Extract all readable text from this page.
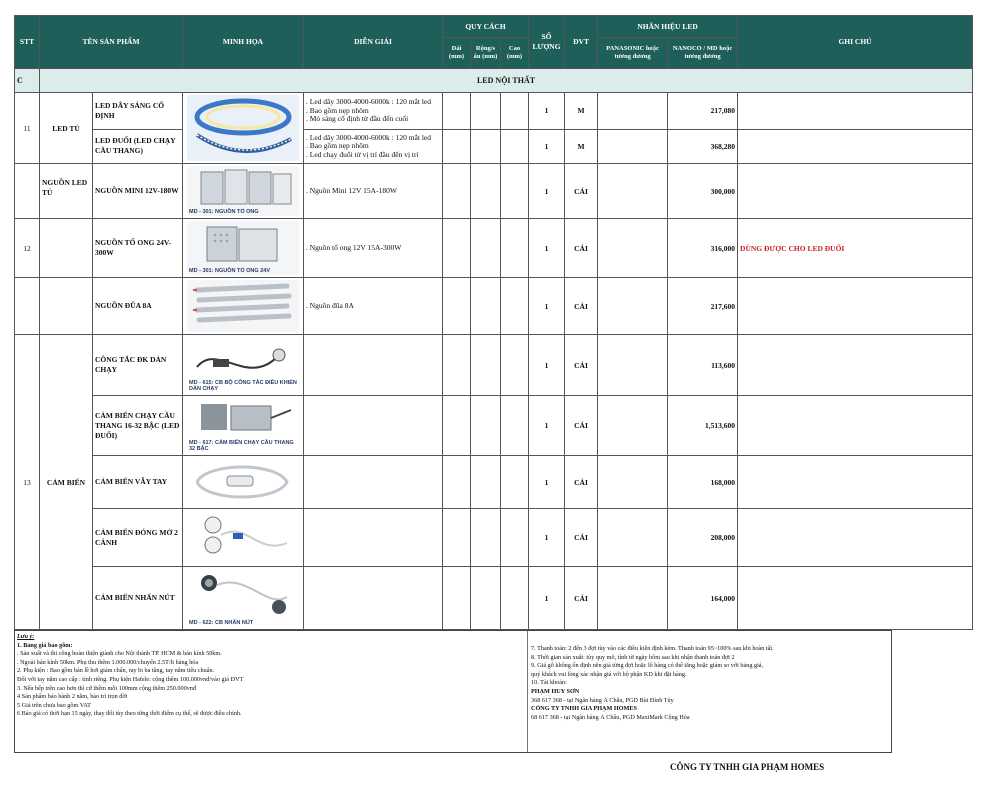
STT	TÊN SẢN PHẨM		MINH HỌA	DIỄN GIẢI	QUY CÁCH			SỐ LƯỢNG	ĐVT	NHÃN HIỆU LED		GHI CHÚ
					Dài (mm)	Rộng/s âu (mm)	Cao (mm)			PANASONIC hoặc tương đương	NANOCO / MD hoặc tương đương	
C	LED NỘI THẤT											
11	LED TỦ	LED DÂY SÁNG CỐ ĐỊNH		. Led dây 3000-4000-6000k : 120 mắt led
. Bao gồm nẹp nhôm
. Mỏ sáng cố định từ đầu đến cuối				1	M		217,080	
		LED ĐUỔI (LED CHẠY CẦU THANG)		. Led dây 3000-4000-6000k : 120 mắt led
. Bao gồm nẹp nhôm
. Led chạy đuổi từ vị trí đầu đến vị trí				1	M		368,280	
	NGUỒN LED TỦ	NGUỒN MINI 12V-180W	MD - 301: NGUỒN TỔ ONG	. Nguồn Mini 12V 15A-180W				1	CÁI		300,000	
12		NGUỒN TỔ ONG 24V-300W	MD - 301: NGUỒN TỔ ONG 24V	. Nguồn tổ ong 12V 15A-300W				1	CÁI		316,000	DÙNG ĐƯỢC CHO LED ĐUỔI
		NGUỒN ĐŨA 8A		. Nguồn đũa 8A				1	CÁI		217,600	
13	CẢM BIẾN	CÔNG TẮC ĐK DẢN CHẠY	MD - 615: CB BỘ CÔNG TẮC ĐIỀU KHIỂN DẢN CHẠY					1	CÁI		113,600	
		CẢM BIẾN CHẠY CẦU THANG 16-32 BẬC (LED ĐUỔI)	MD - 617: CẢM BIẾN CHẠY CẦU THANG 32 BẬC					1	CÁI		1,513,600	
		CẢM BIẾN VẪY TAY						1	CÁI		168,000	
		CẢM BIẾN ĐÓNG MỞ 2 CÁNH						1	CÁI		208,000	
		CẢM BIẾN NHẤN NÚT	MD - 622: CB NHẤN NÚT					1	CÁI		164,000	

Lưu ý:

1. Bảng giá bao gồm:

. Sản xuất và thi công hoàn thiện giành cho Nội thành TP. HCM & bán kính 50km.

. Ngoài bán kính 50km. Phụ thu thêm 1.000.000/chuyến 2.5T/lt hàng hóa

2. Phụ kiện : Bao gồm bản lề hơi giảm chấn, ray bi ba tầng, tay nắm tiêu chuẩn.

Đối với tay nắm cao cấp : tính riêng. Phụ kiện Hafele: cộng thêm 100.000vnđ/vào giá ĐVT

3. Nếu bếp trên cao hơn thì cứ thêm mỗi 100mm cộng thêm 250.000vnđ

4 Sản phẩm bảo hành 2 năm, bảo trì trọn đời

5 Giá trên chưa bao gồm VAT

6 Báo giá có thời hạn 15 ngày, thay đổi tùy theo từng thời điểm cụ thể, sẽ được điều chỉnh.

7. Thanh toán: 2 đến 3 đợt tùy vào các điều kiện định kèm. Thanh toán 95~100% sau khi hoàn tất.

8. Thời gian sản xuất: tùy quy mô, tính từ ngày hôm sau khi nhận thanh toán đợt 2

9. Giá gỗ không ổn định nên giá từng đợt hoặc lô hàng có thể tăng hoặc giảm so với bảng giá,

quý khách vui lòng xác nhận giá với bộ phận KD khi đặt hàng.

10. Tài khoản:

PHẠM HUY SƠN

368 617 368 - tại Ngân hàng Á Châu, PGD Bùi Đình Túy

CÔNG TY TNHH GIA PHẠM HOMES

68 617 368 - tại Ngân hàng Á Châu, PGD MaxiMark Cộng Hòa

CÔNG TY TNHH GIA PHẠM HOMES
